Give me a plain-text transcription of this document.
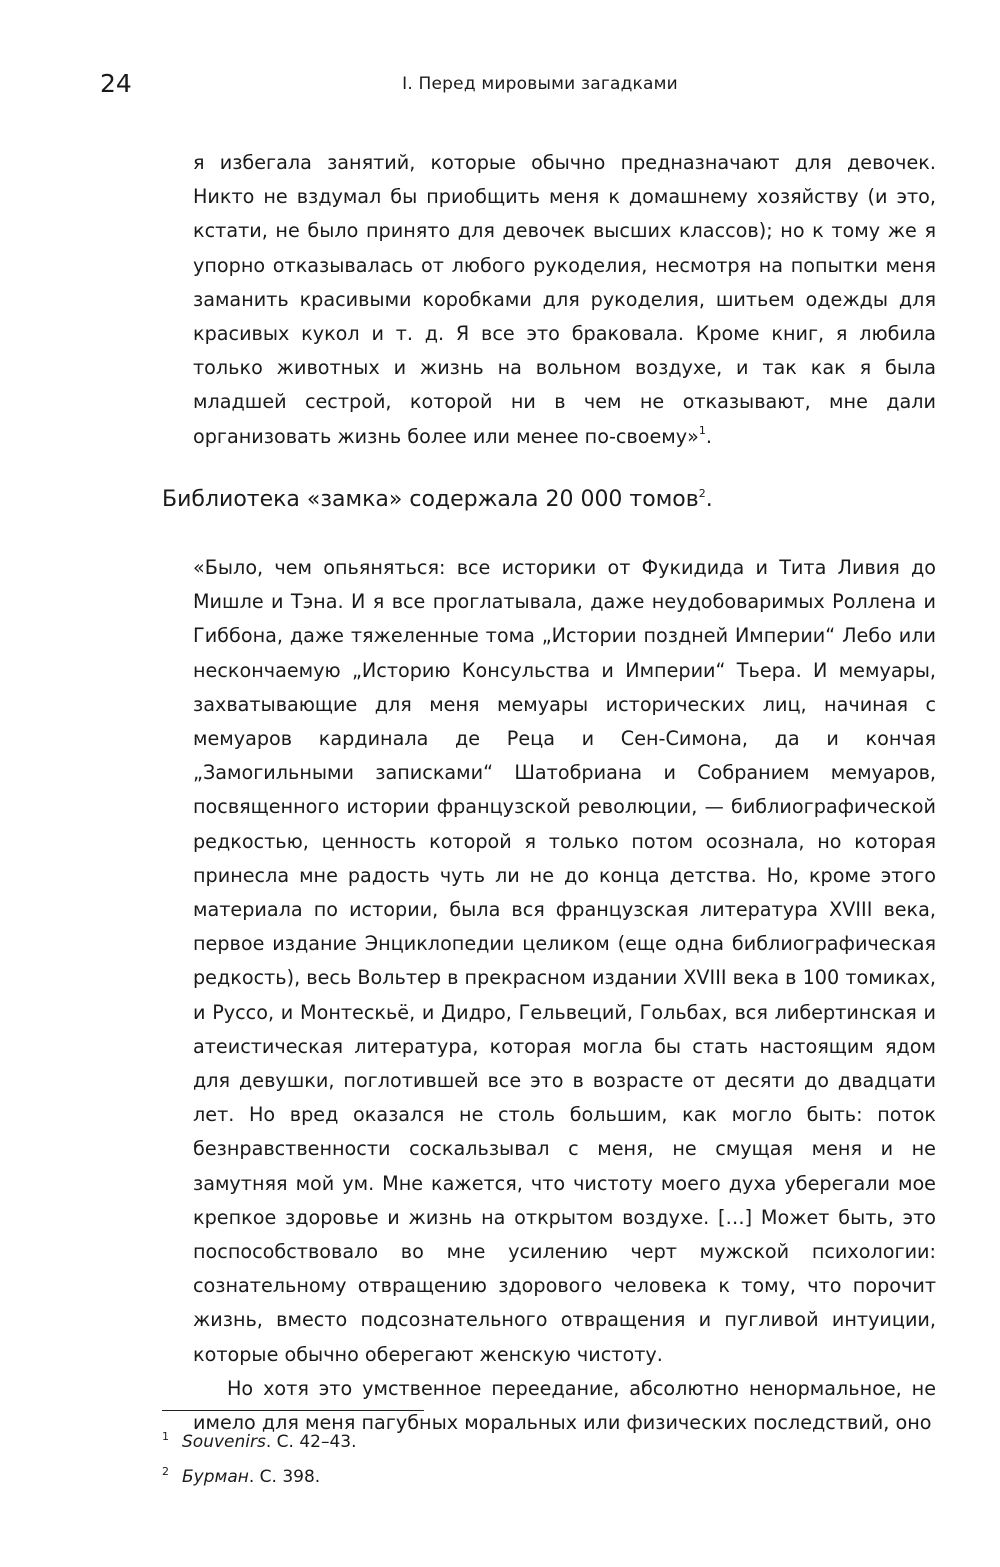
24	I. Перед мировыми загадками

я избегала занятий, которые обычно предназначают для девочек. Никто не вздумал бы приобщить меня к домашнему хозяйству (и это, кстати, не было принято для девочек высших классов); но к тому же я упорно отказывалась от любого рукоделия, несмотря на попытки меня заманить красивыми коробками для рукоделия, шитьем одежды для красивых кукол и т. д. Я все это браковала. Кроме книг, я любила только животных и жизнь на вольном воздухе, и так как я была младшей сестрой, которой ни в чем не отказывают, мне дали организовать жизнь более или менее по-своему»$^1$.

Библиотека «замка» содержала 20 000 томов$^2$.

«Было, чем опьяняться: все историки от Фукидида и Тита Ливия до Мишле и Тэна. И я все проглатывала, даже неудобоваримых Роллена и Гиббона, даже тяжеленные тома „Истории поздней Империи“ Лебо или нескончаемую „Историю Консульства и Империи“ Тьера. И мемуары, захватывающие для меня мемуары исторических лиц, начиная с мемуаров кардинала де Реца и Сен-Симона, да и кончая „Замогильными записками“ Шатобриана и Собранием мемуаров, посвященного истории французской революции, — библиографической редкостью, ценность которой я только потом осознала, но которая принесла мне радость чуть ли не до конца детства. Но, кроме этого материала по истории, была вся французская литература XVIII века, первое издание Энциклопедии целиком (еще одна библиографическая редкость), весь Вольтер в прекрасном издании XVIII века в 100 томиках, и Руссо, и Монтескьё, и Дидро, Гельвеций, Гольбах, вся либертинская и атеистическая литература, которая могла бы стать настоящим ядом для девушки, поглотившей все это в возрасте от десяти до двадцати лет. Но вред оказался не столь большим, как могло быть: поток безнравственности соскальзывал с меня, не смущая меня и не замутняя мой ум. Мне кажется, что чистоту моего духа уберегали мое крепкое здоровье и жизнь на открытом воздухе. […] Может быть, это поспособствовало во мне усилению черт мужской психологии: сознательному отвращению здорового человека к тому, что порочит жизнь, вместо подсознательного отвращения и пугливой интуиции, которые обычно оберегают женскую чистоту.

Но хотя это умственное переедание, абсолютно ненормальное, не имело для меня пагубных моральных или физических последствий, оно

1 Souvenirs. С. 42–43.
2 Бурман. С. 398.
